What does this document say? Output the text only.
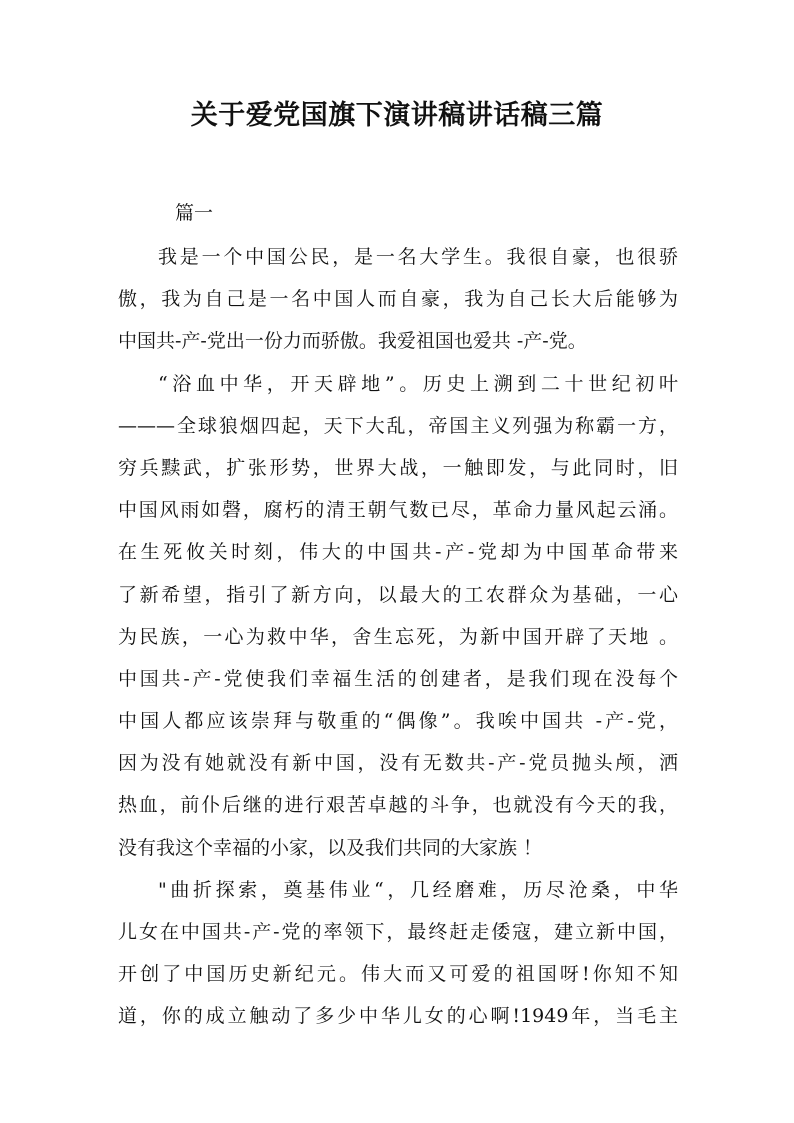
关于爱党国旗下演讲稿讲话稿三篇

篇一

我是一个中国公民，是一名大学生。我很自豪，也很骄
傲，我为自己是一名中国人而自豪，我为自己长大后能够为
中国共-产-党出一份力而骄傲。我爱祖国也爱共 -产-党。
“浴血中华，开天辟地”。历史上溯到二十世纪初叶
———全球狼烟四起，天下大乱，帝国主义列强为称霸一方，
穷兵黩武，扩张形势，世界大战，一触即发，与此同时，旧
中国风雨如磬，腐朽的清王朝气数已尽，革命力量风起云涌。
在生死攸关时刻，伟大的中国共-产-党却为中国革命带来
了新希望，指引了新方向，以最大的工农群众为基础，一心
为民族，一心为救中华，舍生忘死，为新中国开辟了天地 。
中国共-产-党使我们幸福生活的创建者，是我们现在没每个
中国人都应该崇拜与敬重的“偶像”。我唉中国共 -产-党，
因为没有她就没有新中国，没有无数共-产-党员抛头颅，洒
热血，前仆后继的进行艰苦卓越的斗争，也就没有今天的我，
没有我这个幸福的小家，以及我们共同的大家族 ！
"曲折探索，奠基伟业“，几经磨难，历尽沧桑，中华
儿女在中国共-产-党的率领下，最终赶走倭寇，建立新中国，
开创了中国历史新纪元。伟大而又可爱的祖国呀!你知不知
道，你的成立触动了多少中华儿女的心啊!1949年，当毛主
